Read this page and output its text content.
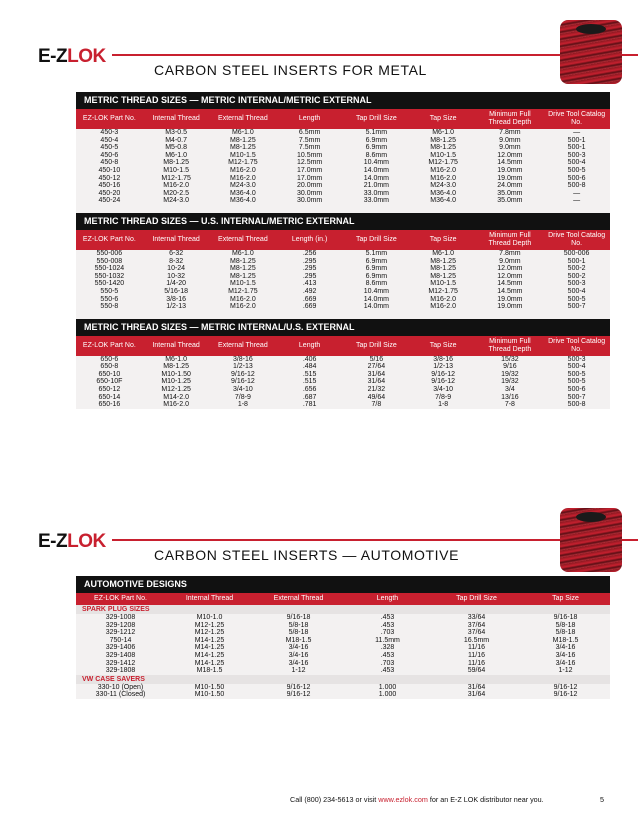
E-ZLOK
CARBON STEEL INSERTS FOR METAL
METRIC THREAD SIZES — METRIC INTERNAL/METRIC EXTERNAL
EZ-LOK Part No.	Internal Thread	External Thread	Length	Tap Drill Size	Tap Size	Minimum Full Thread Depth	Drive Tool Catalog No.
450-3	M3-0.5	M6-1.0	6.5mm	5.1mm	M6-1.0	7.8mm	—
450-4	M4-0.7	M8-1.25	7.5mm	6.9mm	M8-1.25	9.0mm	500-1
450-5	M5-0.8	M8-1.25	7.5mm	6.9mm	M8-1.25	9.0mm	500-1
450-6	M6-1.0	M10-1.5	10.5mm	8.6mm	M10-1.5	12.0mm	500-3
450-8	M8-1.25	M12-1.75	12.5mm	10.4mm	M12-1.75	14.5mm	500-4
450-10	M10-1.5	M16-2.0	17.0mm	14.0mm	M16-2.0	19.0mm	500-5
450-12	M12-1.75	M16-2.0	17.0mm	14.0mm	M16-2.0	19.0mm	500-6
450-16	M16-2.0	M24-3.0	20.0mm	21.0mm	M24-3.0	24.0mm	500-8
450-20	M20-2.5	M36-4.0	30.0mm	33.0mm	M36-4.0	35.0mm	—
450-24	M24-3.0	M36-4.0	30.0mm	33.0mm	M36-4.0	35.0mm	—
METRIC THREAD SIZES — U.S. INTERNAL/METRIC EXTERNAL
EZ-LOK Part No.	Internal Thread	External Thread	Length (in.)	Tap Drill Size	Tap Size	Minimum Full Thread Depth	Drive Tool Catalog No.
550-006	6-32	M6-1.0	.256	5.1mm	M6-1.0	7.8mm	500-006
550-008	8-32	M8-1.25	.295	6.9mm	M8-1.25	9.0mm	500-1
550-1024	10-24	M8-1.25	.295	6.9mm	M8-1.25	12.0mm	500-2
550-1032	10-32	M8-1.25	.295	6.9mm	M8-1.25	12.0mm	500-2
550-1420	1/4-20	M10-1.5	.413	8.6mm	M10-1.5	14.5mm	500-3
550-5	5/16-18	M12-1.75	.492	10.4mm	M12-1.75	14.5mm	500-4
550-6	3/8-16	M16-2.0	.669	14.0mm	M16-2.0	19.0mm	500-5
550-8	1/2-13	M16-2.0	.669	14.0mm	M16-2.0	19.0mm	500-7
METRIC THREAD SIZES — METRIC INTERNAL/U.S. EXTERNAL
EZ-LOK Part No.	Internal Thread	External Thread	Length	Tap Drill Size	Tap Size	Minimum Full Thread Depth	Drive Tool Catalog No.
650-6	M6-1.0	3/8-16	.406	5/16	3/8-16	15/32	500-3
650-8	M8-1.25	1/2-13	.484	27/64	1/2-13	9/16	500-4
650-10	M10-1.50	9/16-12	.515	31/64	9/16-12	19/32	500-5
650-10F	M10-1.25	9/16-12	.515	31/64	9/16-12	19/32	500-5
650-12	M12-1.25	3/4-10	.656	21/32	3/4-10	3/4	500-6
650-14	M14-2.0	7/8-9	.687	49/64	7/8-9	13/16	500-7
650-16	M16-2.0	1-8	.781	7/8	1-8	7-8	500-8
E-ZLOK
CARBON STEEL INSERTS — AUTOMOTIVE
AUTOMOTIVE DESIGNS
EZ-LOK Part No.	Internal Thread	External Thread	Length	Tap Drill Size	Tap Size
SPARK PLUG SIZES					
329-1008	M10-1.0	9/16-18	.453	33/64	9/16-18
329-1208	M12-1.25	5/8-18	.453	37/64	5/8-18
329-1212	M12-1.25	5/8-18	.703	37/64	5/8-18
750-14	M14-1.25	M18-1.5	11.5mm	16.5mm	M18-1.5
329-1406	M14-1.25	3/4-16	.328	11/16	3/4-16
329-1408	M14-1.25	3/4-16	.453	11/16	3/4-16
329-1412	M14-1.25	3/4-16	.703	11/16	3/4-16
329-1808	M18-1.5	1-12	.453	59/64	1-12
VW CASE SAVERS					
330-10 (Open)	M10-1.50	9/16-12	1.000	31/64	9/16-12
330-11 (Closed)	M10-1.50	9/16-12	1.000	31/64	9/16-12
Call (800) 234-5613 or visit www.ezlok.com for an E-Z LOK distributor near you.	5
